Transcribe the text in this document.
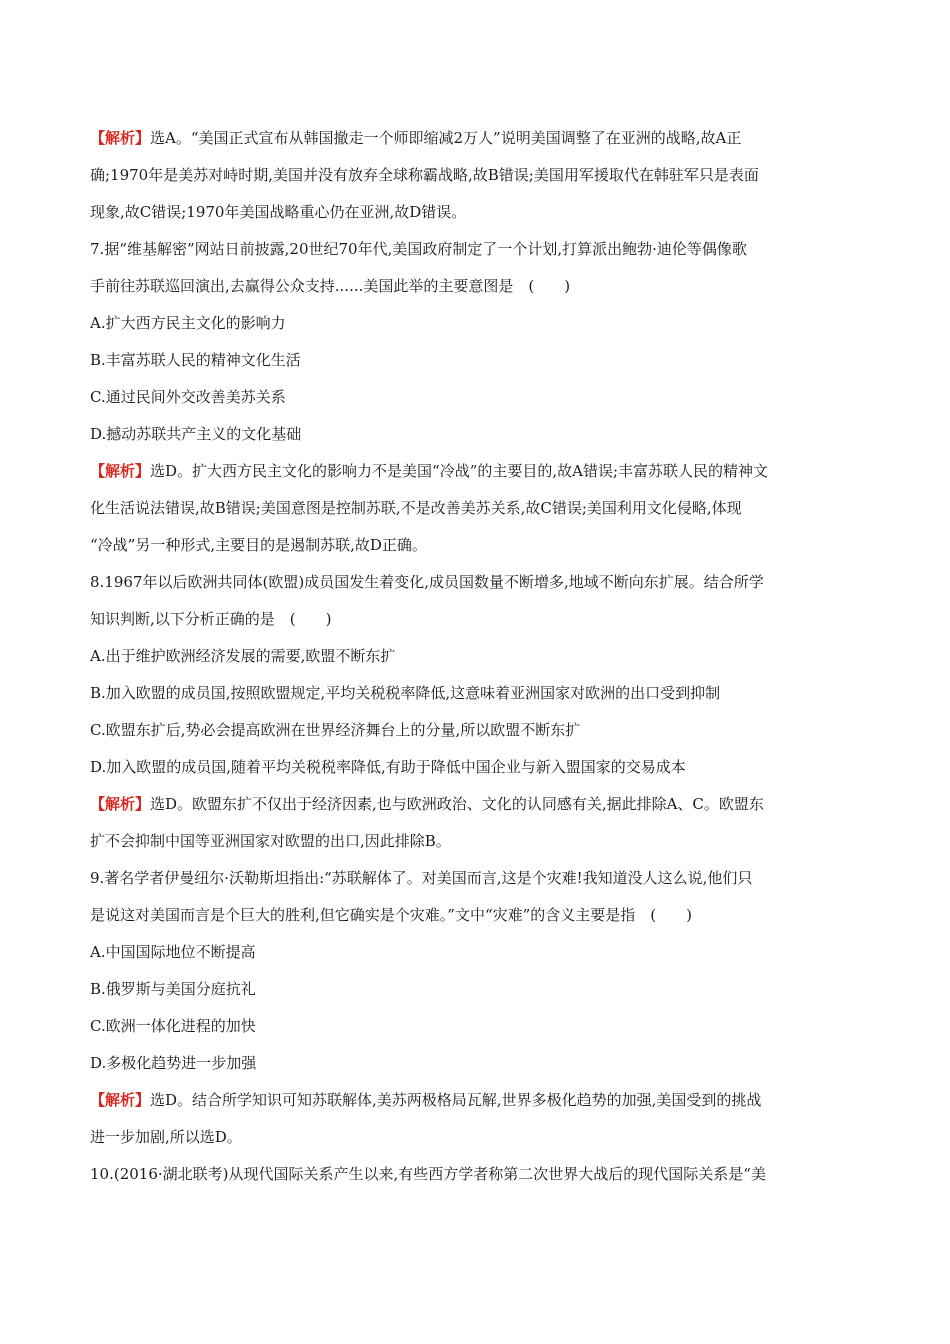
【解析】选A。“美国正式宣布从韩国撤走一个师即缩减2万人”说明美国调整了在亚洲的战略,故A正
确;1970年是美苏对峙时期,美国并没有放弃全球称霸战略,故B错误;美国用军援取代在韩驻军只是表面
现象,故C错误;1970年美国战略重心仍在亚洲,故D错误。
7.据“维基解密”网站日前披露,20世纪70年代,美国政府制定了一个计划,打算派出鲍勃·迪伦等偶像歌
手前往苏联巡回演出,去赢得公众支持......美国此举的主要意图是　(　　)
A.扩大西方民主文化的影响力
B.丰富苏联人民的精神文化生活
C.通过民间外交改善美苏关系
D.撼动苏联共产主义的文化基础
【解析】选D。扩大西方民主文化的影响力不是美国“冷战”的主要目的,故A错误;丰富苏联人民的精神文
化生活说法错误,故B错误;美国意图是控制苏联,不是改善美苏关系,故C错误;美国利用文化侵略,体现
“冷战”另一种形式,主要目的是遏制苏联,故D正确。
8.1967年以后欧洲共同体(欧盟)成员国发生着变化,成员国数量不断增多,地域不断向东扩展。结合所学
知识判断,以下分析正确的是　(　　)
A.出于维护欧洲经济发展的需要,欧盟不断东扩
B.加入欧盟的成员国,按照欧盟规定,平均关税税率降低,这意味着亚洲国家对欧洲的出口受到抑制
C.欧盟东扩后,势必会提高欧洲在世界经济舞台上的分量,所以欧盟不断东扩
D.加入欧盟的成员国,随着平均关税税率降低,有助于降低中国企业与新入盟国家的交易成本
【解析】选D。欧盟东扩不仅出于经济因素,也与欧洲政治、文化的认同感有关,据此排除A、C。欧盟东
扩不会抑制中国等亚洲国家对欧盟的出口,因此排除B。
9.著名学者伊曼纽尔·沃勒斯坦指出:“苏联解体了。对美国而言,这是个灾难!我知道没人这么说,他们只
是说这对美国而言是个巨大的胜利,但它确实是个灾难。”文中“灾难”的含义主要是指　(　　)
A.中国国际地位不断提高
B.俄罗斯与美国分庭抗礼
C.欧洲一体化进程的加快
D.多极化趋势进一步加强
【解析】选D。结合所学知识可知苏联解体,美苏两极格局瓦解,世界多极化趋势的加强,美国受到的挑战
进一步加剧,所以选D。
10.(2016·湖北联考)从现代国际关系产生以来,有些西方学者称第二次世界大战后的现代国际关系是“美
